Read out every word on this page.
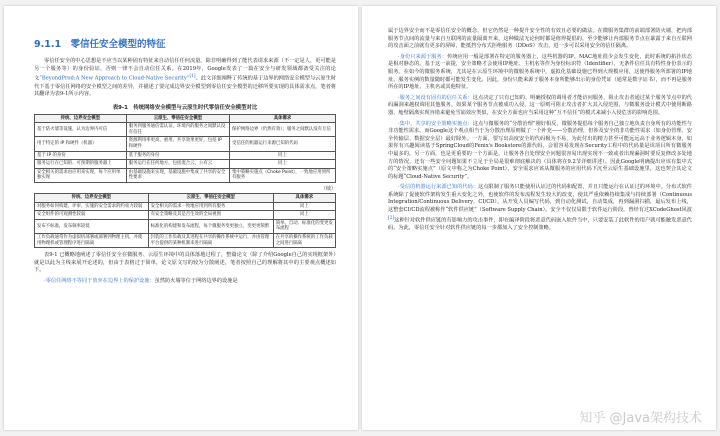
9.1.1　零信任安全模型的特征

零信任安全的中心思想是不应当以某种固有特征来自动信任任何流量。除非明确得到了能代表请求来源（不一定是人，更可能是另一个服务等）的身份验证，否则一律不会自动信任关系。在2019年，Google发表了一篇在安全与研发领域都备受关注的论文“BeyondProd:A New Approach to Cloud-Native Security”[1]。此文详细阐释了传统的基于边界的网络安全模型与云原生时代下基于零信任网络的安全模型之间的差异，并描述了要完成边界安全模型到零信任安全模型的迁移所要实现的具体需求点，笔者将其翻译为表9-1所示内容。

表9-1　传统网络安全模型与云原生时代零信任安全模型对比
传统、边界安全模型	云原生、零信任安全模型	具体需求
基于防火墙等设施，认为边界内可信	服务到服务通信需认证，环境内的服务之间默认没有信任	保护网络边界（仍然有效）；服务之间默认没有互信
用于特定的 IP 和硬件（机器）	资源利用率更高、重用、共享效果更好，包括 IP 和硬件	受信任的机器运行来源已知的代码
基于 IP 的身份	基于服务的身份	同上
服务运行在已知的、可预期的服务器上	服务运行在任何地方，包括混合云、公有云	同上
安全相关的需求由应用来实现，每个应用单独实现	由基础设施来实现，基础设施中集成了共享的安全性要求	集中策略实施点（Choke Point），一致地应用到所有服务
（续）
传统、边界安全模型	云原生、零信任安全模型	具体需求
对服务如何构建、评审、实施的安全需求的约束力较弱	安全相关的需求一致地应用到所有服务	同上
安全组件的可观测性较弱	有安全策略及其是否生效的全局视图	同上
发布不标准，发布频率较低	标准化的构建和发布流程，每个微服务变更独立，变更更频繁	简单、自动、标准化的变更发布流程
工作负载通常作为虚拟机部署或部署到物理主机，并使用物理机或管理程序进行隔离	封装的工作负载及其进程在共享的操作系统中运行，并由管理平台提供的某种机制来进行隔离	在共享的操作系统的工作负载之间进行隔离

表9-1 已概略地阐述了零信任安全在微服务、云原生环境中的具体落地过程了，整篇论文（除了介绍Google自己的实现框架外）就是以此为主线来展开论述的，但由于表格过于简单，论文原文写的较为分散阐述，笔者按照自己的理解将其中的主要观点概述如下。

·零信任网络不等同于放弃在边界上的保护设施：虽然防火墙等位于网络边界的设施是

属于边界安全而不是零信任安全的概念，但它仍然是一种提升安全性的有效且必要的做法。在微服务集群的前端部署防火墙，把内部服务节点间的流量与来自互联网的流量隔离开来，这种做法无论何时都是值得提倡的。至少能够让内部服务节点在暴露于来自互联网的攻击面之前就有更多的屏障，能抵挡分布式拒绝服务（DDoS）攻击，进一步可以采用安全的信任隔离。

·身份只来源于服务：传统应用一般是部署在特定的服务器上，这些机器的IP、MAC地址很少会发生变化，此时系统的拓扑状态是相对静态的。基于这一前提，安全策略才会使用IP地址、主机名等作为身份标识符（Identifier），无条件信任具有特性身份表示的服务。在如今的微服务系统，尤其是在云原生环境中的微服务系统中，虚拟化基础设施已得到大规模应用，这使得服务所部署的IP地址、服务实例的数量随时都可能发生变化。因此，身份只能来源于服务本身所能够出示的身份凭证（通常是数字证书），而不再是服务所在的IP地址、主机名或其他特征。

·服务之间没有固有的信任关系：这点决定了只有已知的、明确授权的调用者才能访问服务，阻止攻击者通过某个服务节点中的代码漏洞来越权调用其他服务。如果某个服务节点被成功入侵，这一原则可阻止攻击者扩大其入侵范围，与微服务设计模式中使用断路器、舱壁隔离实现容错来避免雪崩效应类似，在安全方面也应当采用这种“互不信任”的模式来减小入侵危害的影响范围。

·集中、共享的安全策略实施点：这点与微服务的“分散治理”刚好相反，微服务提倡每个服务自己独立地负责自身所有的功能性与非功能性需求。而Google这个观点相当于为分散治理原则做了一个补充——分散治理，但涉及安全的非功能性需求（如身份管理、安全传输层、数据安全层）最好除外。一方面，要写出高度安全的代码极为不易，为此付出的精力甚至可能远远高于业务逻辑本身，如果你有兴趣阅读基于SpringCloud的Fenix's Bookstore的源代码，会很容易发现在Security工程中的代码量是该项目所有微服务中最多的。另一方面，也是更重要的一个方面是，让服务各自处理安全问题很容易出现实现不一致或者出现漏洞时要反复修改多处地方的情况，还有一些安全问题如果不立足于全局是很难彻底解决的（具体将在9.2节详细讲述）。因此Google明确提出应该有集中式的“安全策略实施点”（原文中称之为Choke Point），安全需求应该从微服务的应用代码下沉至云原生基础设施里，这也契合其论文的标题“Cloud-Native Security”。

·受信的机器运行来源已知的代码：这点限制了服务只能使用认证过的代码和配置，并且只能运行在认证过的环境中。分布式软件系统除了促使软件架构发生重大变化之外，也使软件的发布流程发生较大的改变，使其严重依赖持续集成与持续部署（Continuous Integration/Continuous Delivery，CI/CD）。从开发人员编写代码，到自动化测试，自动集成，再到漏洞扫描，最后发布上线，这整套CI/CD流程被称作“软件供应链”（Software Supply Chain）。安全不仅仅局限于软件运行阶段，曾经有过XCodeGhost风波[2]这种针对软件供应链的有影响力的攻击事件，即在编译阶段将恶意代码嵌入软件当中，只要安装了此软件的用户就可能触发恶意代码。为此，零信任安全针对软件供应链的每一步都加入了安全控制策略。

知乎 @Java架构技术
